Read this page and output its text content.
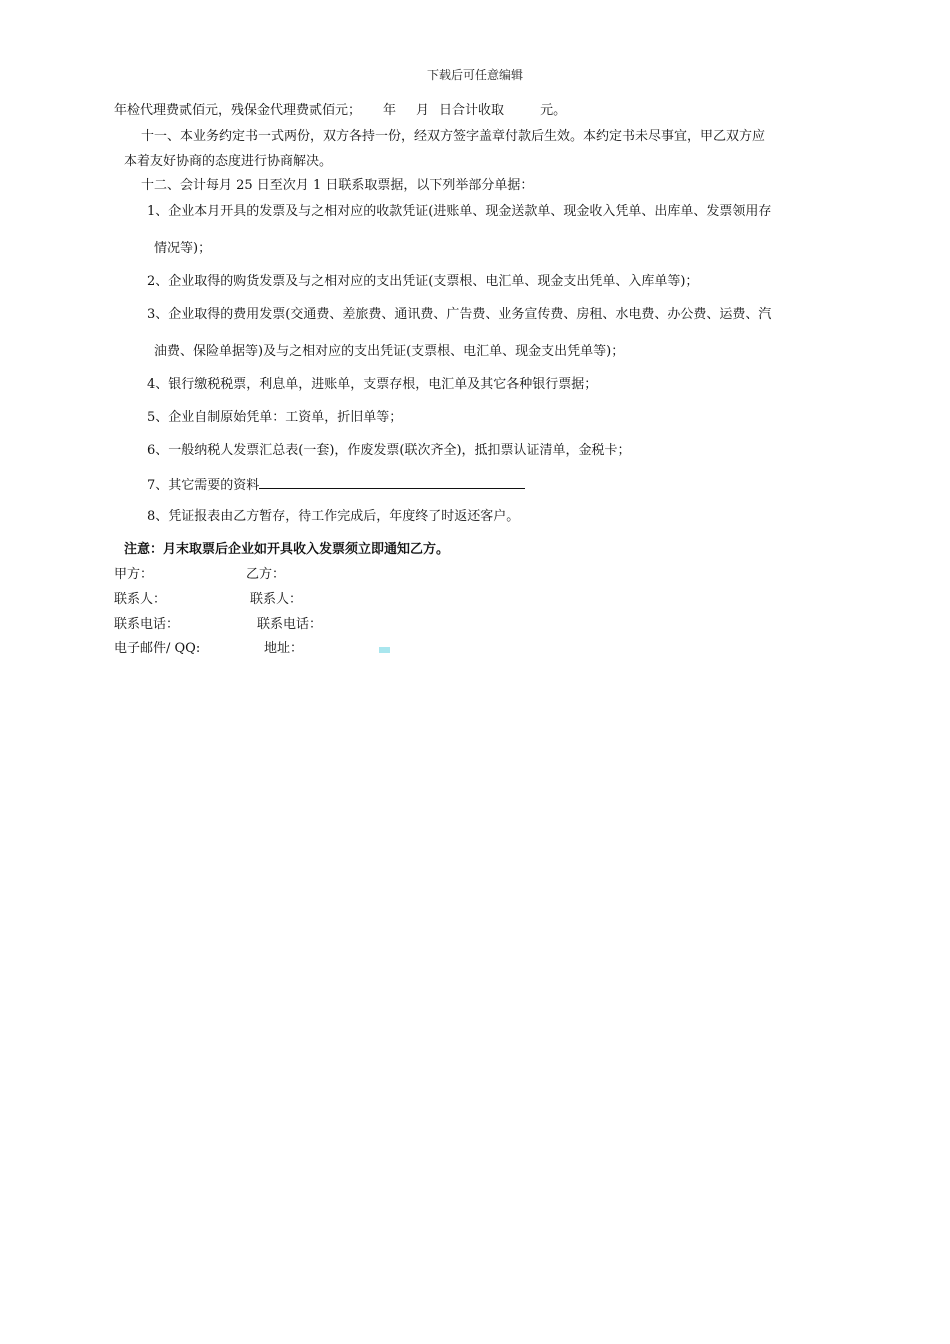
下载后可任意编辑
年检代理费贰佰元，残保金代理费贰佰元； 年 月 日合计收取	元。
十一、本业务约定书一式两份，双方各持一份，经双方签字盖章付款后生效。本约定书未尽事宜，甲乙双方应
本着友好协商的态度进行协商解决。
十二、会计每月 25 日至次月 1 日联系取票据，以下列举部分单据：
1、企业本月开具的发票及与之相对应的收款凭证(进账单、现金送款单、现金收入凭单、出库单、发票领用存
情况等)；
2、企业取得的购货发票及与之相对应的支出凭证(支票根、电汇单、现金支出凭单、入库单等)；
3、企业取得的费用发票(交通费、差旅费、通讯费、广告费、业务宣传费、房租、水电费、办公费、运费、汽
油费、保险单据等)及与之相对应的支出凭证(支票根、电汇单、现金支出凭单等)；
4、银行缴税税票，利息单，进账单，支票存根，电汇单及其它各种银行票据；
5、企业自制原始凭单：工资单，折旧单等；
6、一般纳税人发票汇总表(一套)，作废发票(联次齐全)，抵扣票认证清单，金税卡；
7、其它需要的资料
8、凭证报表由乙方暂存，待工作完成后，年度终了时返还客户。
注意：月末取票后企业如开具收入发票须立即通知乙方。
甲方：	乙方：
联系人：	联系人：
联系电话：	联系电话：
电子邮件/ QQ:	地址：
